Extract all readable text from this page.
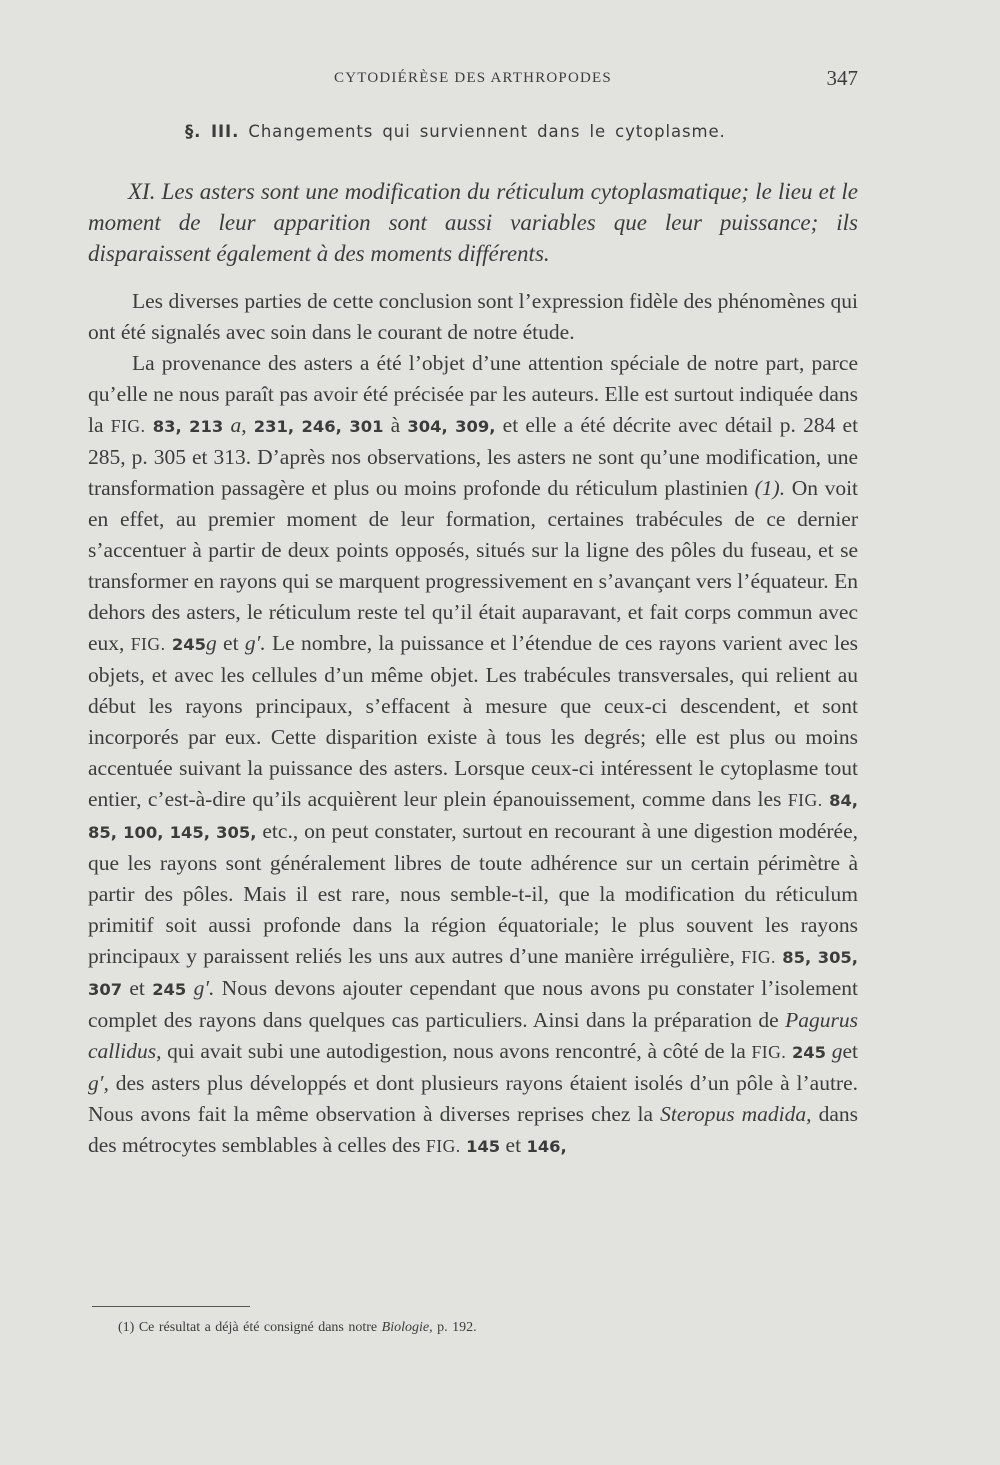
CYTODIÉRÈSE DES ARTHROPODES	347
§. III. Changements qui surviennent dans le cytoplasme.

XI. Les asters sont une modification du réticulum cytoplasmatique; le lieu et le moment de leur apparition sont aussi variables que leur puissance; ils disparaissent également à des moments différents.

Les diverses parties de cette conclusion sont l’expression fidèle des phénomènes qui ont été signalés avec soin dans le courant de notre étude.

La provenance des asters a été l’objet d’une attention spéciale de notre part, parce qu’elle ne nous paraît pas avoir été précisée par les auteurs. Elle est surtout indiquée dans la FIG. 83, 213 a, 231, 246, 301 à 304, 309, et elle a été décrite avec détail p. 284 et 285, p. 305 et 313. D’après nos observations, les asters ne sont qu’une modification, une transformation passagère et plus ou moins profonde du réticulum plastinien (1). On voit en effet, au premier moment de leur formation, certaines trabécules de ce dernier s’accentuer à partir de deux points opposés, situés sur la ligne des pôles du fuseau, et se transformer en rayons qui se marquent progressivement en s’avançant vers l’équateur. En dehors des asters, le réticulum reste tel qu’il était auparavant, et fait corps commun avec eux, FIG. 245g et g′. Le nombre, la puissance et l’étendue de ces rayons varient avec les objets, et avec les cellules d’un même objet. Les trabécules transversales, qui relient au début les rayons principaux, s’effacent à mesure que ceux-ci descendent, et sont incorporés par eux. Cette disparition existe à tous les degrés; elle est plus ou moins accentuée suivant la puissance des asters. Lorsque ceux-ci intéressent le cytoplasme tout entier, c’est-à-dire qu’ils acquièrent leur plein épanouissement, comme dans les FIG. 84, 85, 100, 145, 305, etc., on peut constater, surtout en recourant à une digestion modérée, que les rayons sont généralement libres de toute adhérence sur un certain périmètre à partir des pôles. Mais il est rare, nous semble-t-il, que la modification du réticulum primitif soit aussi profonde dans la région équatoriale; le plus souvent les rayons principaux y paraissent reliés les uns aux autres d’une manière irrégulière, FIG. 85, 305, 307 et 245 g′. Nous devons ajouter cependant que nous avons pu constater l’isolement complet des rayons dans quelques cas particuliers. Ainsi dans la préparation de Pagurus callidus, qui avait subi une autodigestion, nous avons rencontré, à côté de la FIG. 245 get g′, des asters plus développés et dont plusieurs rayons étaient isolés d’un pôle à l’autre. Nous avons fait la même observation à diverses reprises chez la Steropus madida, dans des métrocytes semblables à celles des FIG. 145 et 146,

(1) Ce résultat a déjà été consigné dans notre Biologie, p. 192.
